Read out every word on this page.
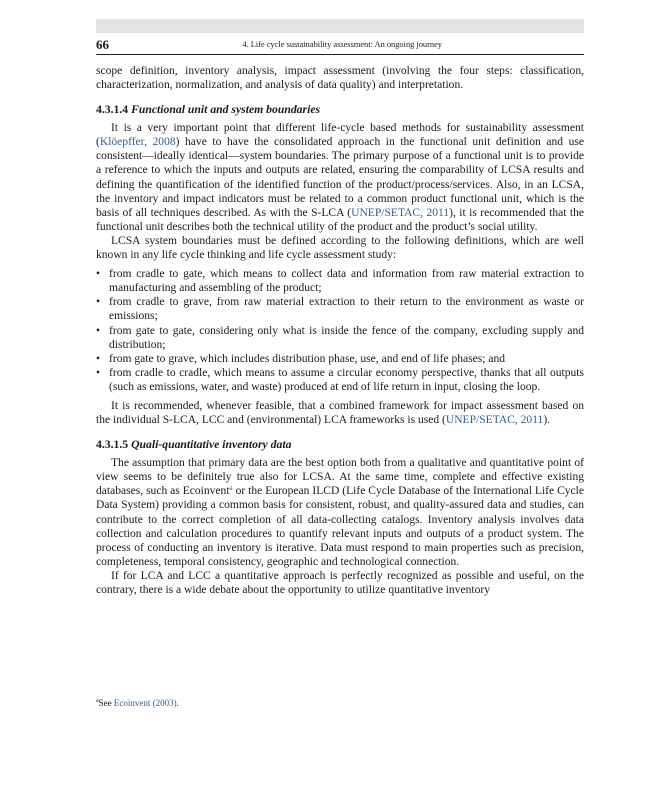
66	4. Life cycle sustainability assessment: An ongoing journey

scope definition, inventory analysis, impact assessment (involving the four steps: classification, characterization, normalization, and analysis of data quality) and interpretation.

4.3.1.4 Functional unit and system boundaries

It is a very important point that different life-cycle based methods for sustainability assessment (Klöepffer, 2008) have to have the consolidated approach in the functional unit definition and use consistent—ideally identical—system boundaries. The primary purpose of a functional unit is to provide a reference to which the inputs and outputs are related, ensuring the comparability of LCSA results and defining the quantification of the identified function of the product/process/services. Also, in an LCSA, the inventory and impact indicators must be related to a common product functional unit, which is the basis of all techniques described. As with the S-LCA (UNEP/SETAC, 2011), it is recommended that the functional unit describes both the technical utility of the product and the product’s social utility.

LCSA system boundaries must be defined according to the following definitions, which are well known in any life cycle thinking and life cycle assessment study:

• from cradle to gate, which means to collect data and information from raw material extraction to manufacturing and assembling of the product;
• from cradle to grave, from raw material extraction to their return to the environment as waste or emissions;
• from gate to gate, considering only what is inside the fence of the company, excluding supply and distribution;
• from gate to grave, which includes distribution phase, use, and end of life phases; and
• from cradle to cradle, which means to assume a circular economy perspective, thanks that all outputs (such as emissions, water, and waste) produced at end of life return in input, closing the loop.

It is recommended, whenever feasible, that a combined framework for impact assessment based on the individual S-LCA, LCC and (environmental) LCA frameworks is used (UNEP/SETAC, 2011).

4.3.1.5 Quali-quantitative inventory data

The assumption that primary data are the best option both from a qualitative and quantitative point of view seems to be definitely true also for LCSA. At the same time, complete and effective existing databases, such as Ecoinvent$^a$ or the European ILCD (Life Cycle Database of the International Life Cycle Data System) providing a common basis for consistent, robust, and quality-assured data and studies, can contribute to the correct completion of all data-collecting catalogs. Inventory analysis involves data collection and calculation procedures to quantify relevant inputs and outputs of a product system. The process of conducting an inventory is iterative. Data must respond to main properties such as precision, completeness, temporal consistency, geographic and technological connection.

If for LCA and LCC a quantitative approach is perfectly recognized as possible and useful, on the contrary, there is a wide debate about the opportunity to utilize quantitative inventory

$^a$See Ecoinvent (2003).
